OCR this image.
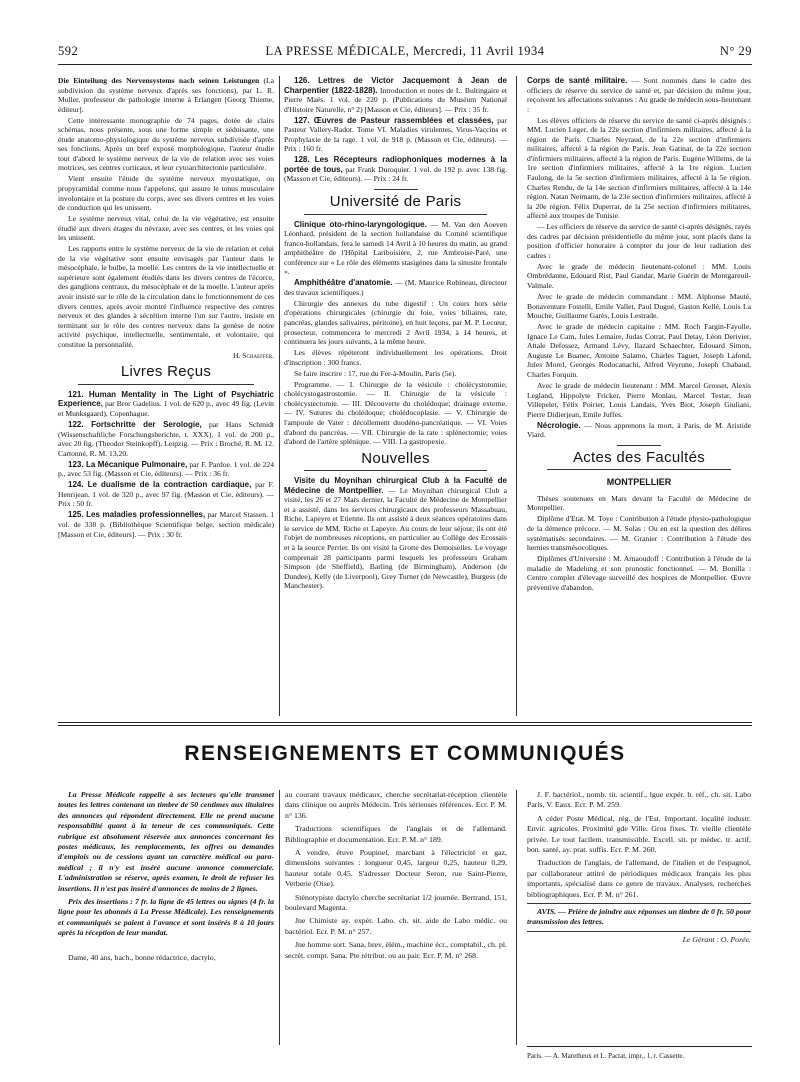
592	LA PRESSE MÉDICALE, Mercredi, 11 Avril 1934	N° 29

Die Einteilung des Nervensystems nach seinen Leistungen (La subdivision du système nerveux d'après ses fonctions), par L. R. Muller, professeur de pathologie interne à Erlangen [Georg Thieme, éditeur].

Cette intéressante monographie de 74 pages, dotée de clairs schémas, nous présente, sous une forme simple et séduisante, une étude anatomo-physiologique du système nerveux subdivisée d'après ses fonctions. Après un bref exposé morphologique, l'auteur étudie tout d'abord le système nerveux de la vie de relation avec ses voies motrices, ses centres corticaux, et leur cytoarchitectonie particulière.

Vient ensuite l'étude du système nerveux myostatique, ou propyramidal comme nous l'appelons, qui assure le tonus musculaire involontaire et la posture du corps, avec ses divers centres et les voies de conduction qui les unissent.

Le système nerveux vital, celui de la vie végétative, est ensuite étudié aux divers étages du névraxe, avec ses centres, et les voies qui les unissent.

Les rapports entre le système nerveux de la vie de relation et celui de la vie végétative sont ensuite envisagés par l'auteur dans le mésocéphale, le bulbe, la moelle. Les centres de la vie intellectuelle et supérieure sont également étudiés dans les divers centres de l'écorce, des ganglions centraux, du mésocéphale et de la moelle. L'auteur après avoir insisté sur le rôle de la circulation dans le fonctionnement de ces divers centres, après avoir montré l'influence respective des centres nerveux et des glandes à sécrétion interne l'un sur l'autre, insiste en terminant sur le rôle des centres nerveux dans la genèse de notre activité psychique, intellectuelle, sentimentale, et volontaire, qui constitue la personnalité.

H. Schaeffer.

Livres Reçus

121. Human Mentality in The Light of Psychiatric Experience, par Bror Gadelius. 1 vol. de 620 p., avec 49 fig. (Levin et Munksgaard), Copenhague.

122. Fortschritte der Serologie, par Hans Schmidt (Wissenschaftliche Forschungsberichte, t. XXX). 1 vol. de 200 p., avec 20 fig. (Theodor Steinkopff), Leipzig. — Prix : Broché, R. M. 12. Cartonné, R. M. 13,20.

123. La Mécanique Pulmonaire, par F. Pardoe. 1 vol. de 224 p., avec 53 fig. (Masson et Cie, éditeurs). — Prix : 36 fr.

124. Le dualisme de la contraction cardiaque, par F. Henrijean. 1 vol. de 320 p., avec 97 fig. (Masson et Cie, éditeurs). — Prix : 50 fr.

125. Les maladies professionnelles, par Marcel Stassen. 1 vol. de 338 p. (Bibliothèque Scientifique belge, section médicale) [Masson et Cie, éditeurs]. — Prix : 30 fr.

126. Lettres de Victor Jacquemont à Jean de Charpentier (1822-1828). Introduction et notes de L. Bultingaire et Pierre Maës. 1 vol. de 220 p. (Publications du Muséum National d'Histoire Naturelle, n° 2) [Masson et Cie, éditeurs]. — Prix : 35 fr.

127. Œuvres de Pasteur rassemblées et classées, par Pasteur Vallery-Radot. Tome VI. Maladies virulentes, Virus-Vaccins et Prophylaxie de la rage. 1 vol. de 918 p. (Masson et Cie, éditeurs). — Prix : 160 fr.

128. Les Récepteurs radiophoniques modernes à la portée de tous, par Frank Duroquier. 1 vol. de 192 p. avec 138 fig. (Masson et Cie, éditeurs). — Prix : 24 fr.

Université de Paris

Clinique oto-rhino-laryngologique. — M. Van den Aoeven Léonhard, président de la section hollandaise du Comité scientifique franco-hollandais, fera le samedi 14 Avril à 10 heures du matin, au grand amphithéâtre de l'Hôpital Lariboisière, 2, rue Ambroise-Paré, une conférence sur « Le rôle des éléments stasigènes dans la sinusite frontale ».

Amphithéâtre d'anatomie. — (M. Maurice Robineau, directeur des travaux scientifiques.)

Chirurgie des annexes du tube digestif : Un cours hors série d'opérations chirurgicales (chirurgie du foie, voies biliaires, rate, pancréas, glandes salivaires, péritoine), en huit leçons, par M. P. Lecœur, prosecteur, commencera le mercredi 2 Avril 1934, à 14 heures, et continuera les jours suivants, à la même heure.

Les élèves répéteront individuellement les opérations. Droit d'inscription : 300 francs.

Se faire inscrire : 17, rue du Fer-à-Moulin, Paris (5e).

Programme. — I. Chirurgie de la vésicule : cholécystotomie; cholécystogastrostomie. — II. Chirurgie de la vésicule : cholécystectomie. — III. Découverte du cholédoque; drainage externe. — IV. Sutures du cholédoque; cholédocoplasie. — V. Chirurgie de l'ampoule de Vater : décollement duodéno-pancréatique. — VI. Voies d'abord du pancréas. — VII. Chirurgie de la rate : splénectomie; voies d'abord de l'artère splénique. — VIII. La gastropexie.

Nouvelles

Visite du Moynihan chirurgical Club à la Faculté de Médecine de Montpellier. — Le Moynihan chirurgical Club a visité, les 26 et 27 Mars dernier, la Faculté de Médecine de Montpellier et a assisté, dans les services chirurgicaux des professeurs Massabuau, Riche, Lapeyre et Etienne. Ils ont assisté à deux séances opératoires dans le service de MM. Riche et Lapeyre. Au cours de leur séjour, ils ont été l'objet de nombreuses réceptions, en particulier au Collège des Ecossais et à la source Perrier. Ils ont visité la Grotte des Demoiselles. Le voyage comprenait 28 participants parmi lesquels les professeurs Graham Simpson (de Sheffield), Barling (de Birmingham), Anderson (de Dundee), Kelly (de Liverpool), Grey Turner (de Newcastle), Burgess (de Manchester).

Corps de santé militaire. — Sont nommés dans le cadre des officiers de réserve du service de santé et, par décision du même jour, reçoivent les affectations suivantes : Au grade de médecin sous-lieutenant :

Les élèves officiers de réserve du service de santé ci-après désignés : MM. Lucien Leger, de la 22e section d'infirmiers militaires, affecté à la région de Paris. Charles Neyraud, de la 22e section d'infirmiers militaires, affecté à la région de Paris. Jean Gatinat, de la 22e section d'infirmiers militaires, affecté à la région de Paris. Eugène Willems, de la 1re section d'infirmiers militaires, affecté à la 1re région. Lucien Faulong, de la 5e section d'infirmiers militaires, affecté à la 5e région. Charles Rendu, de la 14e section d'infirmiers militaires, affecté à la 14e région. Natan Neimann, de la 23e section d'infirmiers militaires, affecté à la 20e région. Félix Duperrat, de la 25e section d'infirmiers militaires, affecté aux troupes de Tunisie.

— Les officiers de réserve du service de santé ci-après désignés, rayés des cadres par décision présidentielle du même jour, sont placés dans la position d'officier honoraire à compter du jour de leur radiation des cadres :

Avec le grade de médecin lieutenant-colonel : MM. Louis Ombrédanne, Edouard Rist, Paul Gandar, Marie Guérin de Montgareuil-Valmale.

Avec le grade de médecin commandant : MM. Alphonse Mauté, Bonaventure Fostelli, Emile Vallet, Paul Dugué, Gaston Kellé, Louis La Mouche, Guillaume Garès, Louis Lestrade.

Avec le grade de médecin capitaine : MM. Roch Fargin-Fayolle, Ignace Le Cam, Jules Lemaire, Judas Cotrat, Paul Detay, Léon Derivier, Attale Defossez, Armand Lévy, Ilazard Schaechter, Edouard Simon, Auguste Le Buanec, Antoine Salamo, Charles Taguet, Joseph Lafond, Jules Morel, Georges Rodocanachi, Alfred Veyrune, Joseph Chabaud, Charles Forquin.

Avec le grade de médecin lieutenant : MM. Marcel Grosset, Alexis Legland, Hippolyte Fricker, Pierre Monlau, Marcel Testar, Jean Villepelet, Félix Poirier, Louis Landais, Yves Biot, Joseph Giuliani, Pierre Didierjean, Emile Juffes.

Nécrologie. — Nous apprenons la mort, à Paris, de M. Aristide Viard.

Actes des Facultés
MONTPELLIER

Thèses soutenues en Mars devant la Faculté de Médecine de Montpellier.

Diplôme d'Etat. M. Toye : Contribution à l'étude physio-pathologique de la démence précoce. — M. Solas : Ou en est la question des délires systématisés secondaires. — M. Granier : Contribution à l'étude des hernies transmésocoliques.

Diplômes d'Université : M. Arnaoudoff : Contribution à l'étude de la maladie de Madelung et son pronostic fonctionnel. — M. Bonilla : Centre complet d'élevage surveillé des hospices de Montpellier. Œuvre préventive d'abandon.

RENSEIGNEMENTS ET COMMUNIQUÉS

La Presse Médicale rappelle à ses lecteurs qu'elle transmet toutes les lettres contenant un timbre de 50 centimes aux titulaires des annonces qui répondent directement. Elle ne prend aucune responsabilité quant à la teneur de ces communiqués. Cette rubrique est absolument réservée aux annonces concernant les postes médicaux, les remplacements, les offres ou demandes d'emplois ou de cessions ayant un caractère médical ou para-médical ; il n'y est inséré aucune annonce commerciale. L'administration se réserve, après examen, le droit de refuser les insertions. Il n'est pas inséré d'annonces de moins de 2 lignes.

Prix des insertions : 7 fr. la ligne de 45 lettres ou signes (4 fr. la ligne pour les abonnés à La Presse Médicale). Les renseignements et communiqués se paient à l'avance et sont insérés 8 à 10 jours après la réception de leur mandat.

Dame, 40 ans, bach., bonne rédactrice, dactylo,

au courant travaux médicaux, cherche secrétariat-réception clientèle dans clinique ou auprès Médecin. Très sérieuses références. Ecr. P. M. n° 136.

Traductions scientifiques de l'anglais et de l'allemand. Bibliographie et documentation. Ecr. P. M. n° 189.

A vendre, étuve Poupinel, marchant à l'électricité et gaz, dimensions suivantes : longueur 0,45, largeur 0,25, hauteur 0,29, hauteur totale 0,45. S'adresser Docteur Seron, rue Saint-Pierre, Verberie (Oise).

Sténotypiste dactylo cherche secrétariat 1/2 journée. Bertrand, 151, boulevard Magenta.

Jne Chimiste ay. expér. Labo. ch. sit. aide de Labo médic. ou bactériol. Ecr. P. M. n° 257.

Jne homme sort. Sana, brev. élém., machine écr., comptabil., ch. pl. secrét. compt. Sana. Pte rétribut. ou au pair. Ecr. P. M. n° 268.

J. F. bactériol., nomb. tit. scientif., lgue expér. b. réf., ch. sit. Labo Paris, V. Eaux. Ecr. P. M. 259.

A céder Poste Médical, rég. de l'Est. Important. localité industr. Envir. agricoles. Proximité gde Ville. Gros fixes. Tr. vieille clientèle privée. Le tout facilem. transmissible. Excell. sit. pr médec. tr. actif, bon. santé, ay. prat. suffis. Ecr. P. M. 260.

Traduction de l'anglais, de l'allemand, de l'italien et de l'espagnol, par collaborateur attitré de périodiques médicaux français les plus importants, spécialisé dans ce genre de travaux. Analyses, recherches bibliographiques. Ecr. P. M. n° 261.

AVIS. — Prière de joindre aux réponses un timbre de 0 fr. 50 pour transmission des lettres.

Le Gérant : O. Porée.

Paris. — A. Maretheux et L. Pactat, impr., 1, r. Cassette.
